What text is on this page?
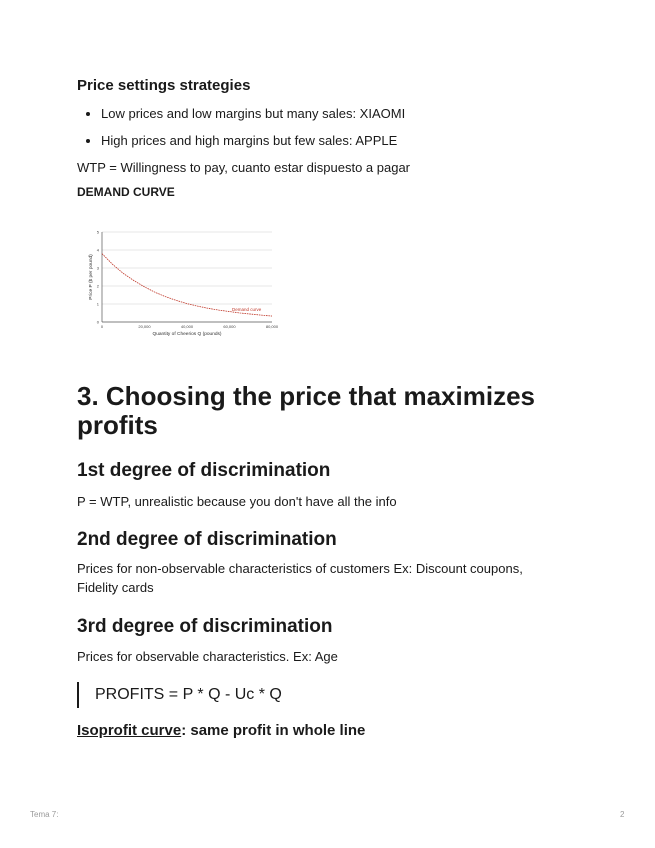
Price settings strategies
• Low prices and low margins but many sales: XIAOMI
• High prices and high margins but few sales: APPLE

WTP = Willingness to pay, cuanto estar dispuesto a pagar

DEMAND CURVE

0
1
2
3
4
5
0	20,000	40,000	60,000	80,000
Demand curve
Quantity of Cheerios Q (pounds)
Price P ($ per pound)
3. Choosing the price that maximizes profits
1st degree of discrimination

P = WTP, unrealistic because you don't have all the info

2nd degree of discrimination

Prices for non-observable characteristics of customers Ex: Discount coupons, Fidelity cards

3rd degree of discrimination

Prices for observable characteristics. Ex: Age

PROFITS = P * Q - Uc * Q

Isoprofit curve: same profit in whole line

Tema 7:	2
